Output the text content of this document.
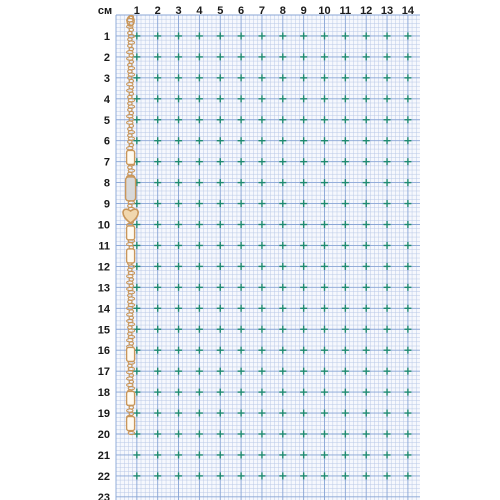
см 1 2 3 4 5 6 7 8 9 10 11 12 13 14
1
2
3
4
5
6
7
8
9
10
11
12
13
14
15
16
17
18
19
20
21
22
23
